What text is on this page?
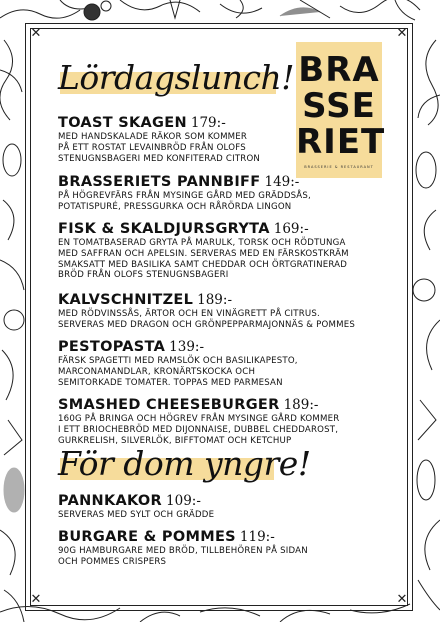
✕	✕
✕	✕
Lördagslunch! BRA
SSE
RIET
BRASSERIE & RESTAURANT
TOAST SKAGEN 179:-
MED HANDSKALADE RÄKOR SOM KOMMER
PÅ ETT ROSTAT LEVAINBRÖD FRÅN OLOFS
STENUGNSBAGERI MED KONFITERAD CITRON
BRASSERIETS PANNBIFF 149:-
PÅ HÖGREVFÄRS FRÅN MYSINGE GÅRD MED GRÄDDSÅS,
POTATISPURÉ, PRESSGURKA OCH RÅRÖRDA LINGON
FISK & SKALDJURSGRYTA 169:-
EN TOMATBASERAD GRYTA PÅ MARULK, TORSK OCH RÖDTUNGA
MED SAFFRAN OCH APELSIN. SERVERAS MED EN FÄRSKOSTKRÄM
SMAKSATT MED BASILIKA SAMT CHEDDAR OCH ÖRTGRATINERAD
BRÖD FRÅN OLOFS STENUGNSBAGERI
KALVSCHNITZEL 189:-
MED RÖDVINSSÅS, ÄRTOR OCH EN VINÄGRETT PÅ CITRUS.
SERVERAS MED DRAGON OCH GRÖNPEPPARMAJONNÄS & POMMES
PESTOPASTA 139:-
FÄRSK SPAGETTI MED RAMSLÖK OCH BASILIKAPESTO,
MARCONAMANDLAR, KRONÄRTSKOCKA OCH
SEMITORKADE TOMATER. TOPPAS MED PARMESAN
SMASHED CHEESEBURGER 189:-
160G PÅ BRINGA OCH HÖGREV FRÅN MYSINGE GÅRD KOMMER
I ETT BRIOCHEBRÖD MED DIJONNAISE, DUBBEL CHEDDAROST,
GURKRELISH, SILVERLÖK, BIFFTOMAT OCH KETCHUP
För dom yngre!
PANNKAKOR 109:-
SERVERAS MED SYLT OCH GRÄDDE
BURGARE & POMMES 119:-
90G HAMBURGARE MED BRÖD, TILLBEHÖREN PÅ SIDAN
OCH POMMES CRISPERS
